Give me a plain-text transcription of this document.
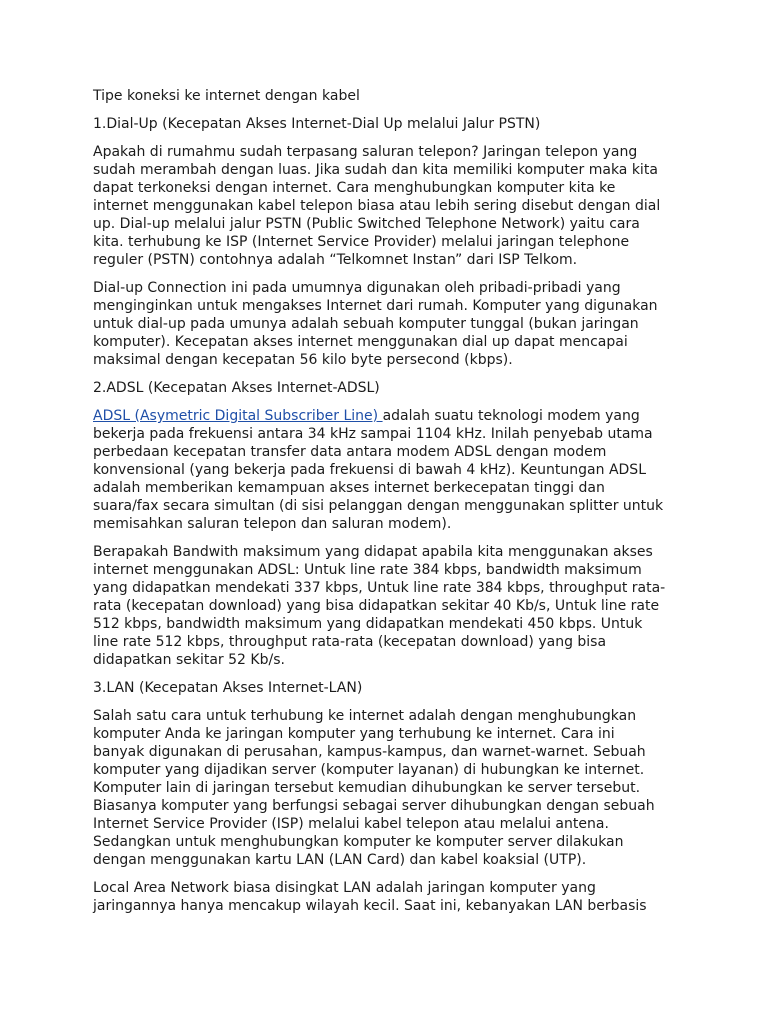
Tipe koneksi ke internet dengan kabel
1.Dial-Up (Kecepatan Akses Internet-Dial Up melalui Jalur PSTN)

Apakah di rumahmu sudah terpasang saluran telepon? Jaringan telepon yang
sudah merambah dengan luas. Jika sudah dan kita memiliki komputer maka kita
dapat terkoneksi dengan internet. Cara menghubungkan komputer kita ke
internet menggunakan kabel telepon biasa atau lebih sering disebut dengan dial
up. Dial-up melalui jalur PSTN (Public Switched Telephone Network) yaitu cara
kita. terhubung ke ISP (Internet Service Provider) melalui jaringan telephone
reguler (PSTN) contohnya adalah “Telkomnet Instan” dari ISP Telkom.

Dial-up Connection ini pada umumnya digunakan oleh pribadi-pribadi yang
menginginkan untuk mengakses Internet dari rumah. Komputer yang digunakan
untuk dial-up pada umunya adalah sebuah komputer tunggal (bukan jaringan
komputer). Kecepatan akses internet menggunakan dial up dapat mencapai
maksimal dengan kecepatan 56 kilo byte persecond (kbps).

2.ADSL (Kecepatan Akses Internet-ADSL)

ADSL (Asymetric Digital Subscriber Line) adalah suatu teknologi modem yang
bekerja pada frekuensi antara 34 kHz sampai 1104 kHz. Inilah penyebab utama
perbedaan kecepatan transfer data antara modem ADSL dengan modem
konvensional (yang bekerja pada frekuensi di bawah 4 kHz). Keuntungan ADSL
adalah memberikan kemampuan akses internet berkecepatan tinggi dan
suara/fax secara simultan (di sisi pelanggan dengan menggunakan splitter untuk
memisahkan saluran telepon dan saluran modem).

Berapakah Bandwith maksimum yang didapat apabila kita menggunakan akses
internet menggunakan ADSL: Untuk line rate 384 kbps, bandwidth maksimum
yang didapatkan mendekati 337 kbps, Untuk line rate 384 kbps, throughput rata-
rata (kecepatan download) yang bisa didapatkan sekitar 40 Kb/s, Untuk line rate
512 kbps, bandwidth maksimum yang didapatkan mendekati 450 kbps. Untuk
line rate 512 kbps, throughput rata-rata (kecepatan download) yang bisa
didapatkan sekitar 52 Kb/s.

3.LAN (Kecepatan Akses Internet-LAN)

Salah satu cara untuk terhubung ke internet adalah dengan menghubungkan
komputer Anda ke jaringan komputer yang terhubung ke internet. Cara ini
banyak digunakan di perusahan, kampus-kampus, dan warnet-warnet. Sebuah
komputer yang dijadikan server (komputer layanan) di hubungkan ke internet.
Komputer lain di jaringan tersebut kemudian dihubungkan ke server tersebut.
Biasanya komputer yang berfungsi sebagai server dihubungkan dengan sebuah
Internet Service Provider (ISP) melalui kabel telepon atau melalui antena.
Sedangkan untuk menghubungkan komputer ke komputer server dilakukan
dengan menggunakan kartu LAN (LAN Card) dan kabel koaksial (UTP).

Local Area Network biasa disingkat LAN adalah jaringan komputer yang
jaringannya hanya mencakup wilayah kecil. Saat ini, kebanyakan LAN berbasis
